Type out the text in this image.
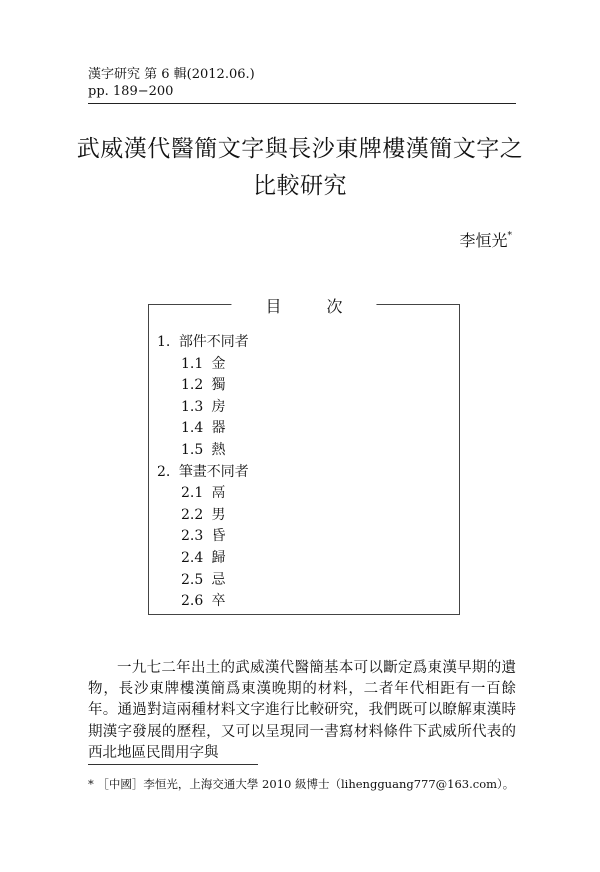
漢字研究 第 6 輯(2012.06.)
pp. 189−200
武威漢代醫簡文字與長沙東牌樓漢簡文字之
比較研究
李恒光*
目 次
1. 部件不同者
1.1 金
1.2 獨
1.3 房
1.4 器
1.5 熱
2. 筆畫不同者
2.1 鬲
2.2 男
2.3 昏
2.4 歸
2.5 忌
2.6 卒
一九七二年出土的武威漢代醫簡基本可以斷定爲東漢早期的遺物，長沙東牌樓漢簡爲東漢晚期的材料，二者年代相距有一百餘年。通過對這兩種材料文字進行比較研究，我們既可以瞭解東漢時期漢字發展的歷程，又可以呈現同一書寫材料條件下武威所代表的西北地區民間用字與
* ［中國］李恒光，上海交通大學 2010 級博士（lihengguang777@163.com）。
